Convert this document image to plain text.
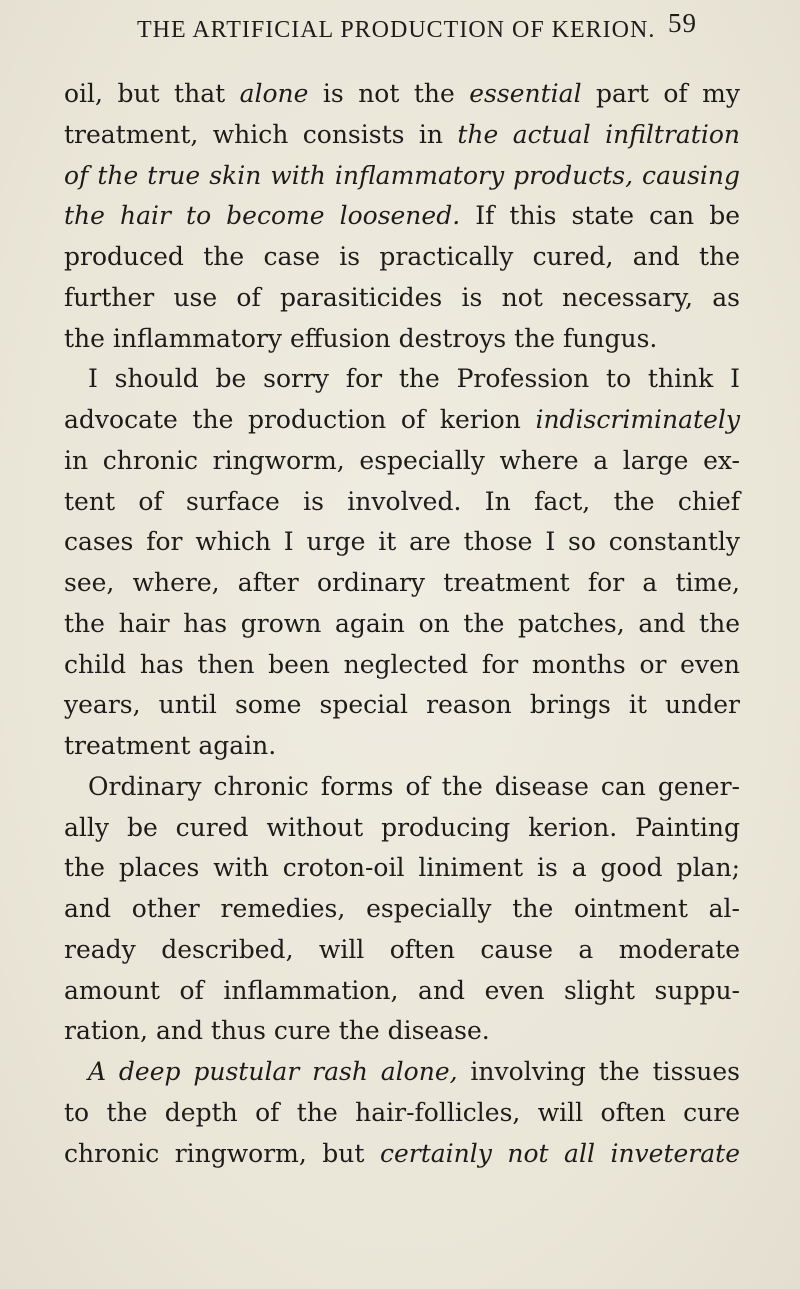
THE ARTIFICIAL PRODUCTION OF KERION. 59
oil, but that alone is not the essential part of my
treatment, which consists in the actual infiltration
of the true skin with inflammatory products, causing
the hair to become loosened. If this state can be
produced the case is practically cured, and the
further use of parasiticides is not necessary, as
the inflammatory effusion destroys the fungus.
I should be sorry for the Profession to think I
advocate the production of kerion indiscriminately
in chronic ringworm, especially where a large ex-
tent of surface is involved. In fact, the chief
cases for which I urge it are those I so constantly
see, where, after ordinary treatment for a time,
the hair has grown again on the patches, and the
child has then been neglected for months or even
years, until some special reason brings it under
treatment again.
Ordinary chronic forms of the disease can gener-
ally be cured without producing kerion. Painting
the places with croton-oil liniment is a good plan;
and other remedies, especially the ointment al-
ready described, will often cause a moderate
amount of inflammation, and even slight suppu-
ration, and thus cure the disease.
A deep pustular rash alone, involving the tissues
to the depth of the hair-follicles, will often cure
chronic ringworm, but certainly not all inveterate
